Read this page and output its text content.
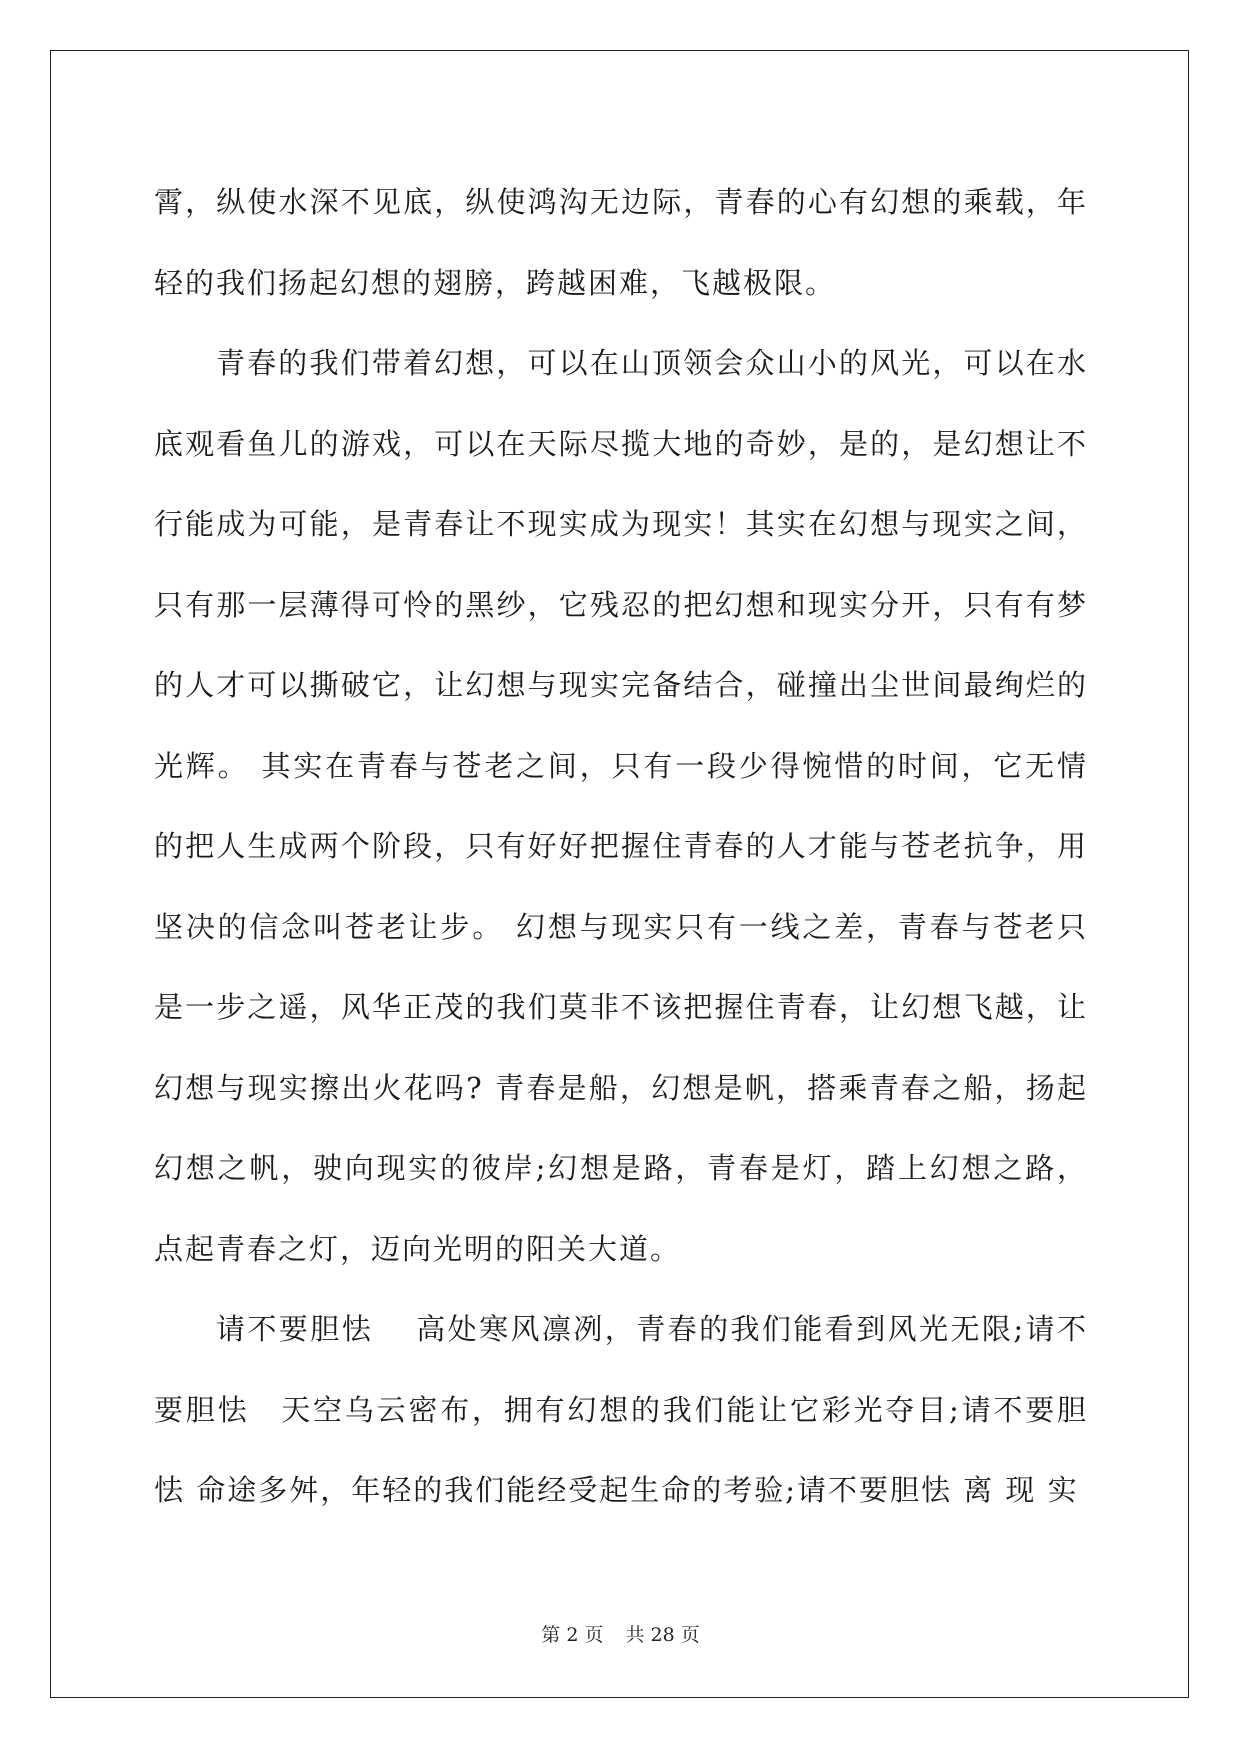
霄，纵使水深不见底，纵使鸿沟无边际，青春的心有幻想的乘载，年轻的我们扬起幻想的翅膀，跨越困难，飞越极限。

青春的我们带着幻想，可以在山顶领会众山小的风光，可以在水底观看鱼儿的游戏，可以在天际尽揽大地的奇妙，是的，是幻想让不行能成为可能，是青春让不现实成为现实！其实在幻想与现实之间，只有那一层薄得可怜的黑纱，它残忍的把幻想和现实分开，只有有梦的人才可以撕破它，让幻想与现实完备结合，碰撞出尘世间最绚烂的光辉。 其实在青春与苍老之间，只有一段少得惋惜的时间，它无情的把人生成两个阶段，只有好好把握住青春的人才能与苍老抗争，用坚决的信念叫苍老让步。 幻想与现实只有一线之差，青春与苍老只是一步之遥，风华正茂的我们莫非不该把握住青春，让幻想飞越，让幻想与现实擦出火花吗? 青春是船，幻想是帆，搭乘青春之船，扬起幻想之帆，驶向现实的彼岸;幻想是路，青春是灯，踏上幻想之路，点起青春之灯，迈向光明的阳关大道。

请不要胆怯　 高处寒风凛冽，青春的我们能看到风光无限;请不要胆怯　天空乌云密布，拥有幻想的我们能让它彩光夺目;请不要胆怯 命途多舛，年轻的我们能经受起生命的考验;请不要胆怯 离 现 实

第 2 页 共 28 页
